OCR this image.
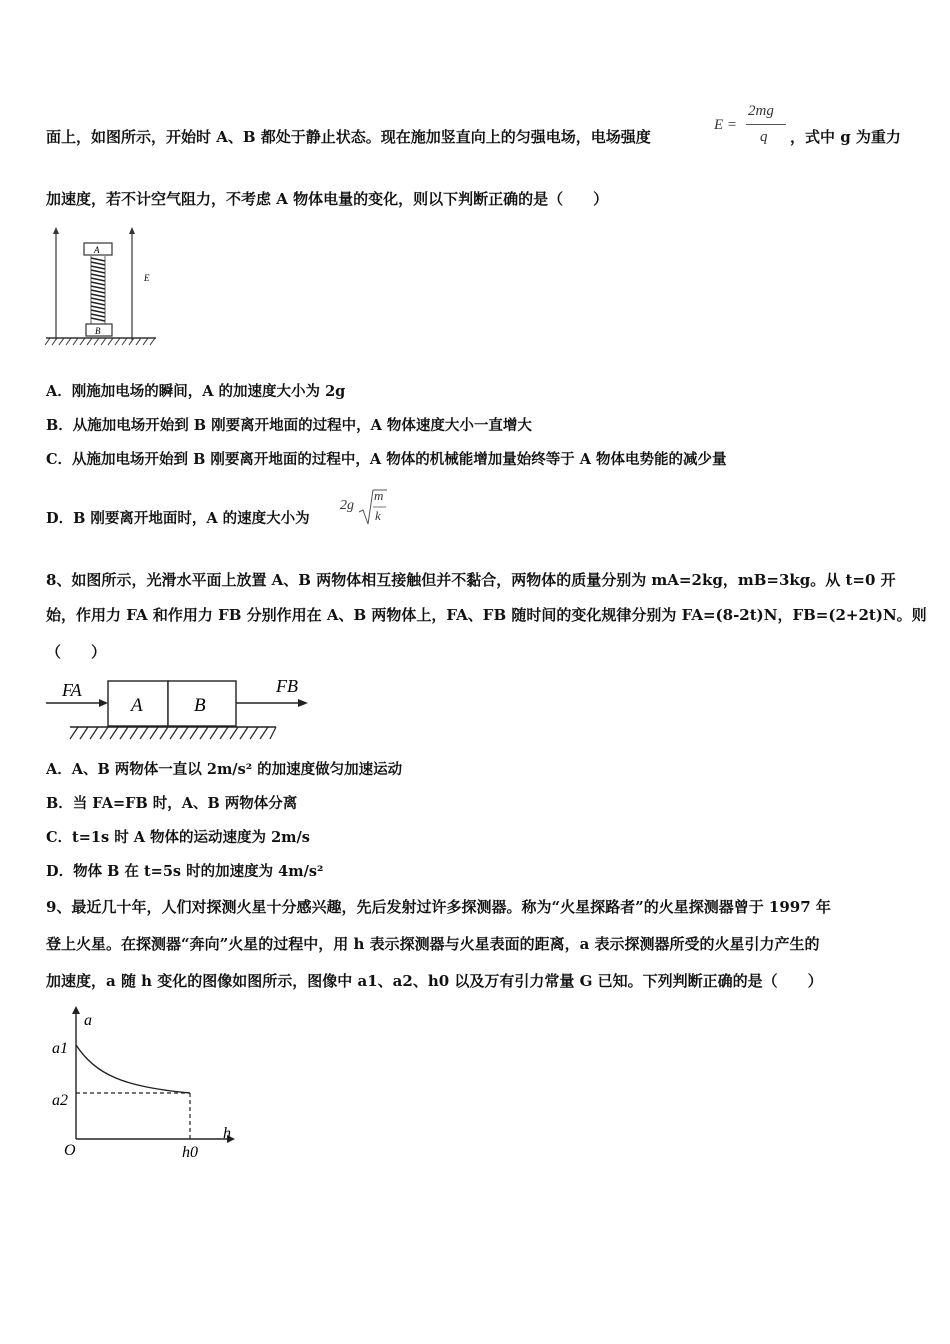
面上，如图所示，开始时 A、B 都处于静止状态。现在施加竖直向上的匀强电场，电场强度
E =
2mg
q ，式中 g 为重力
加速度，若不计空气阻力，不考虑 A 物体电量的变化，则以下判断正确的是（　　）
E
A
B
A．刚施加电场的瞬间，A 的加速度大小为 2g
B．从施加电场开始到 B 刚要离开地面的过程中，A 物体速度大小一直增大
C．从施加电场开始到 B 刚要离开地面的过程中，A 物体的机械能增加量始终等于 A 物体电势能的减少量
D．B 刚要离开地面时，A 的速度大小为
2g
m
k
8、如图所示，光滑水平面上放置 A、B 两物体相互接触但并不黏合，两物体的质量分别为 mA=2kg，mB=3kg。从 t=0 开
始，作用力 FA 和作用力 FB 分别作用在 A、B 两物体上，FA、FB 随时间的变化规律分别为 FA=(8-2t)N，FB=(2+2t)N。则
（　　）
FA
A	B
FB
A．A、B 两物体一直以 2m/s² 的加速度做匀加速运动
B．当 FA=FB 时，A、B 两物体分离
C．t=1s 时 A 物体的运动速度为 2m/s
D．物体 B 在 t=5s 时的加速度为 4m/s²
9、最近几十年，人们对探测火星十分感兴趣，先后发射过许多探测器。称为“火星探路者”的火星探测器曾于 1997 年
登上火星。在探测器“奔向”火星的过程中，用 h 表示探测器与火星表面的距离，a 表示探测器所受的火星引力产生的
加速度，a 随 h 变化的图像如图所示，图像中 a1、a2、h0 以及万有引力常量 G 已知。下列判断正确的是（　　）
a
h
a1
a2
O	h0
